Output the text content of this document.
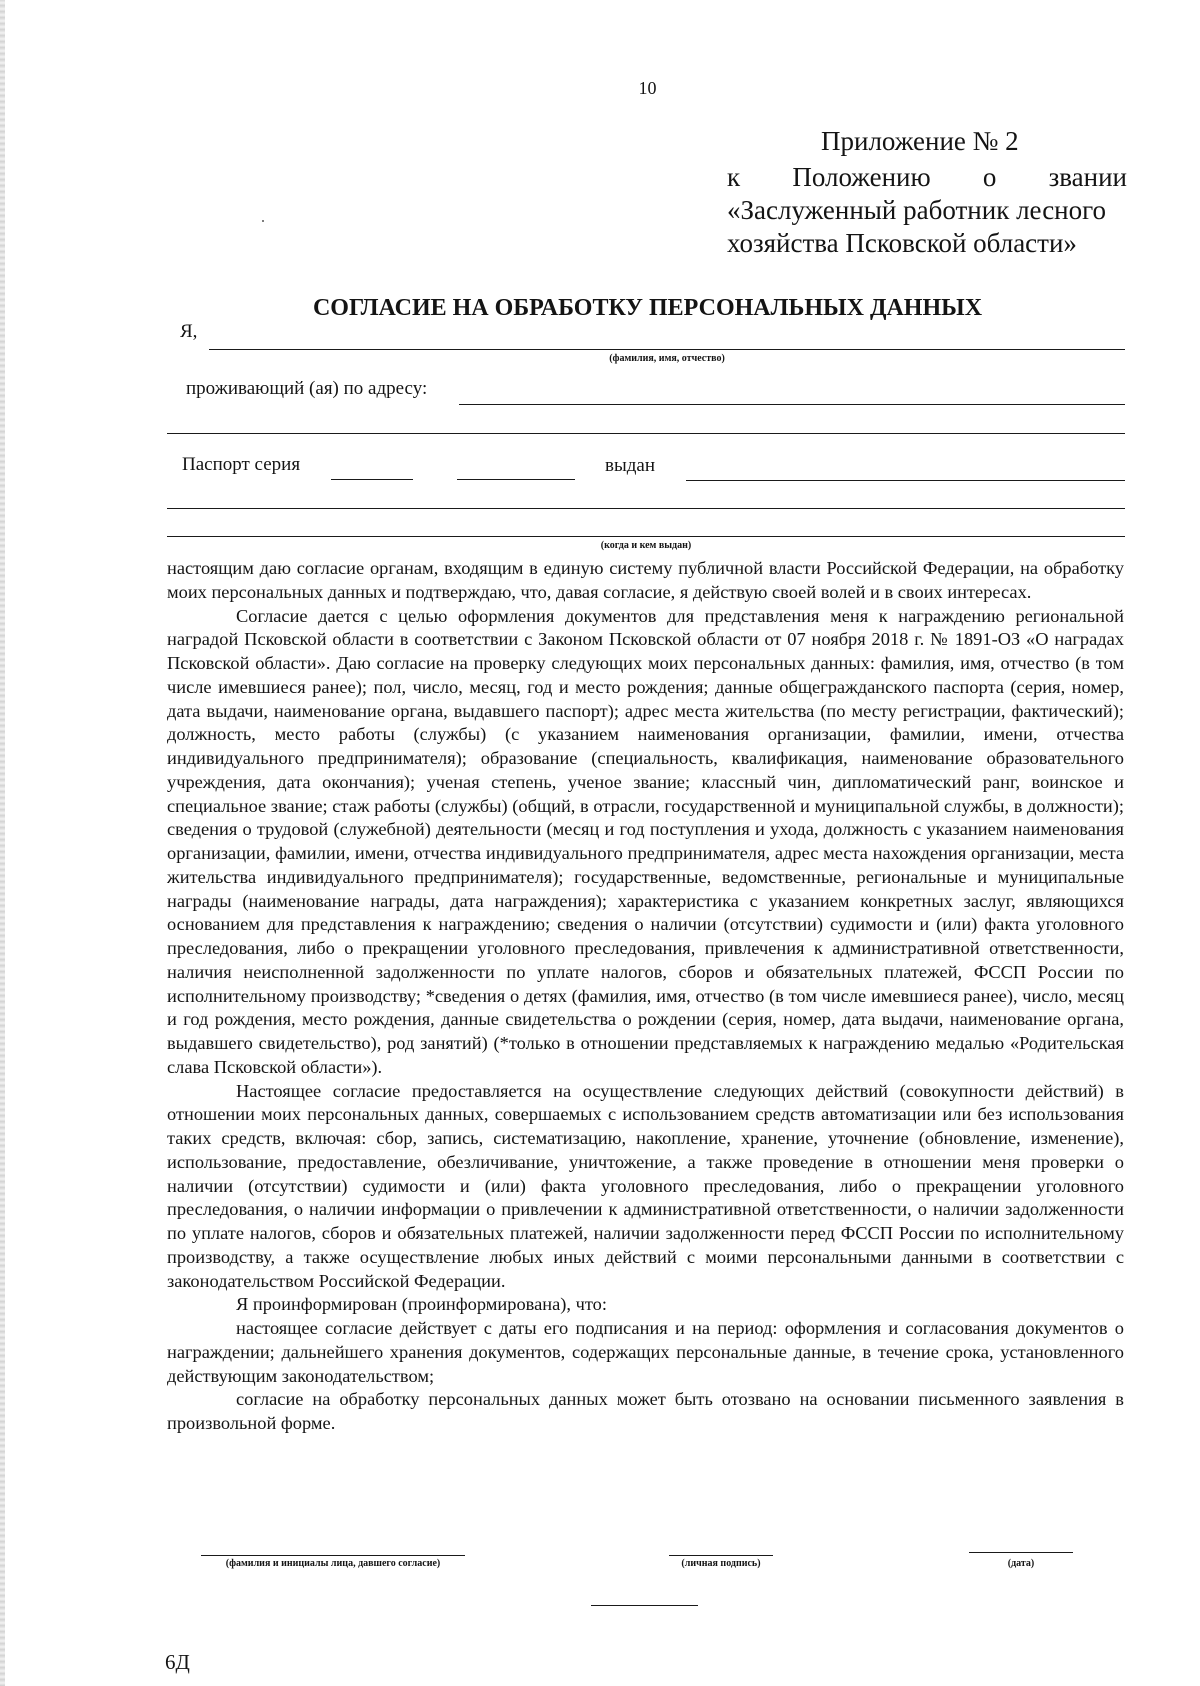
10
Приложение № 2
к Положению о звании
«Заслуженный работник лесного
хозяйства Псковской области»
СОГЛАСИЕ НА ОБРАБОТКУ ПЕРСОНАЛЬНЫХ ДАННЫХ
Я,
(фамилия, имя, отчество)
проживающий (ая) по адресу:
Паспорт серия	выдан
(когда и кем выдан)

настоящим даю согласие органам, входящим в единую систему публичной власти Российской Федерации, на обработку моих персональных данных и подтверждаю, что, давая согласие, я действую своей волей и в своих интересах.

Согласие дается с целью оформления документов для представления меня к награждению региональной наградой Псковской области в соответствии с Законом Псковской области от 07 ноября 2018 г. № 1891-ОЗ «О наградах Псковской области». Даю согласие на проверку следующих моих персональных данных: фамилия, имя, отчество (в том числе имевшиеся ранее); пол, число, месяц, год и место рождения; данные общегражданского паспорта (серия, номер, дата выдачи, наименование органа, выдавшего паспорт); адрес места жительства (по месту регистрации, фактический); должность, место работы (службы) (с указанием наименования организации, фамилии, имени, отчества индивидуального предпринимателя); образование (специальность, квалификация, наименование образовательного учреждения, дата окончания); ученая степень, ученое звание; классный чин, дипломатический ранг, воинское и специальное звание; стаж работы (службы) (общий, в отрасли, государственной и муниципальной службы, в должности); сведения о трудовой (служебной) деятельности (месяц и год поступления и ухода, должность с указанием наименования организации, фамилии, имени, отчества индивидуального предпринимателя, адрес места нахождения организации, места жительства индивидуального предпринимателя); государственные, ведомственные, региональные и муниципальные награды (наименование награды, дата награждения); характеристика с указанием конкретных заслуг, являющихся основанием для представления к награждению; сведения о наличии (отсутствии) судимости и (или) факта уголовного преследования, либо о прекращении уголовного преследования, привлечения к административной ответственности, наличия неисполненной задолженности по уплате налогов, сборов и обязательных платежей, ФССП России по исполнительному производству; *сведения о детях (фамилия, имя, отчество (в том числе имевшиеся ранее), число, месяц и год рождения, место рождения, данные свидетельства о рождении (серия, номер, дата выдачи, наименование органа, выдавшего свидетельство), род занятий) (*только в отношении представляемых к награждению медалью «Родительская слава Псковской области»).

Настоящее согласие предоставляется на осуществление следующих действий (совокупности действий) в отношении моих персональных данных, совершаемых с использованием средств автоматизации или без использования таких средств, включая: сбор, запись, систематизацию, накопление, хранение, уточнение (обновление, изменение), использование, предоставление, обезличивание, уничтожение, а также проведение в отношении меня проверки о наличии (отсутствии) судимости и (или) факта уголовного преследования, либо о прекращении уголовного преследования, о наличии информации о привлечении к административной ответственности, о наличии задолженности по уплате налогов, сборов и обязательных платежей, наличии задолженности перед ФССП России по исполнительному производству, а также осуществление любых иных действий с моими персональными данными в соответствии с законодательством Российской Федерации.

Я проинформирован (проинформирована), что:

настоящее согласие действует с даты его подписания и на период: оформления и согласования документов о награждении; дальнейшего хранения документов, содержащих персональные данные, в течение срока, установленного действующим законодательством;

согласие на обработку персональных данных может быть отозвано на основании письменного заявления в произвольной форме.

(фамилия и инициалы лица, давшего согласие)	(личная подпись)	(дата)
6Д
